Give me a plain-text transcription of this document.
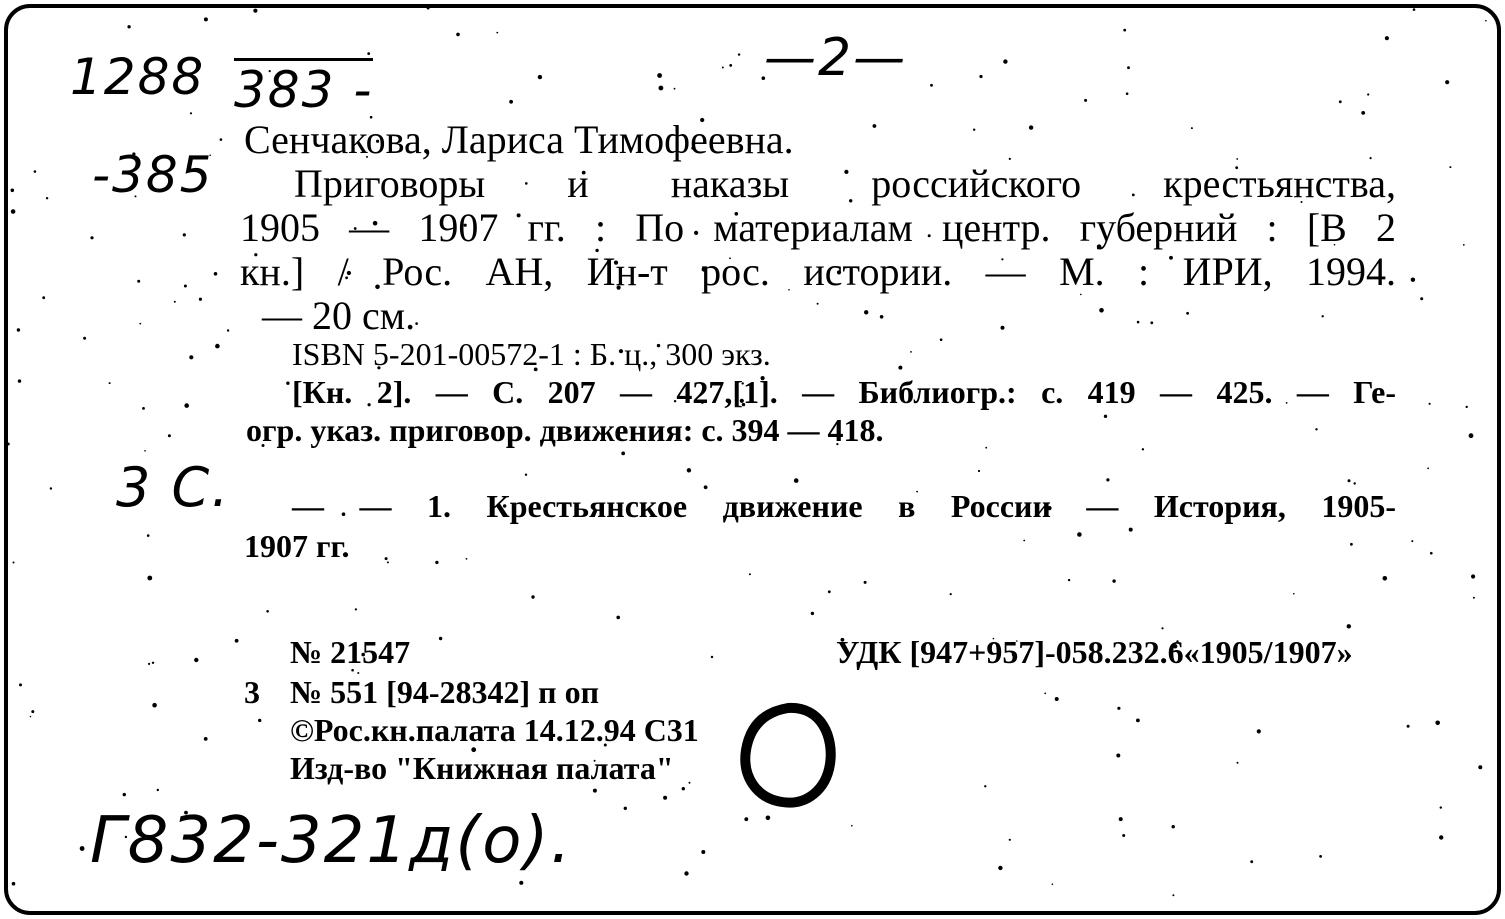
1288 383 -
—2—
-385
3 С.
Г832-321д(о).
Сенчакова, Лариса Тимофеевна.
Приговоры и наказы российского крестьянства,
1905 — 1907 гг. : По материалам центр. губерний : [В 2
кн.] / Рос. АН, Ин-т рос. истории. — М. : ИРИ, 1994.
— 20 см.
ISBN 5-201-00572-1 : Б. ц., 300 экз.
[Кн. 2]. — С. 207 — 427,[1]. — Библиогр.: с. 419 — 425. — Ге-
огр. указ. приговор. движения: с. 394 — 418.
— — 1. Крестьянское движение в России — История, 1905-
1907 гг.
№ 21547	УДК [947+957]-058.232.6«1905/1907»
3 № 551 [94-28342] п оп
©Рос.кн.палата 14.12.94 С31
Изд-во "Книжная палата"
